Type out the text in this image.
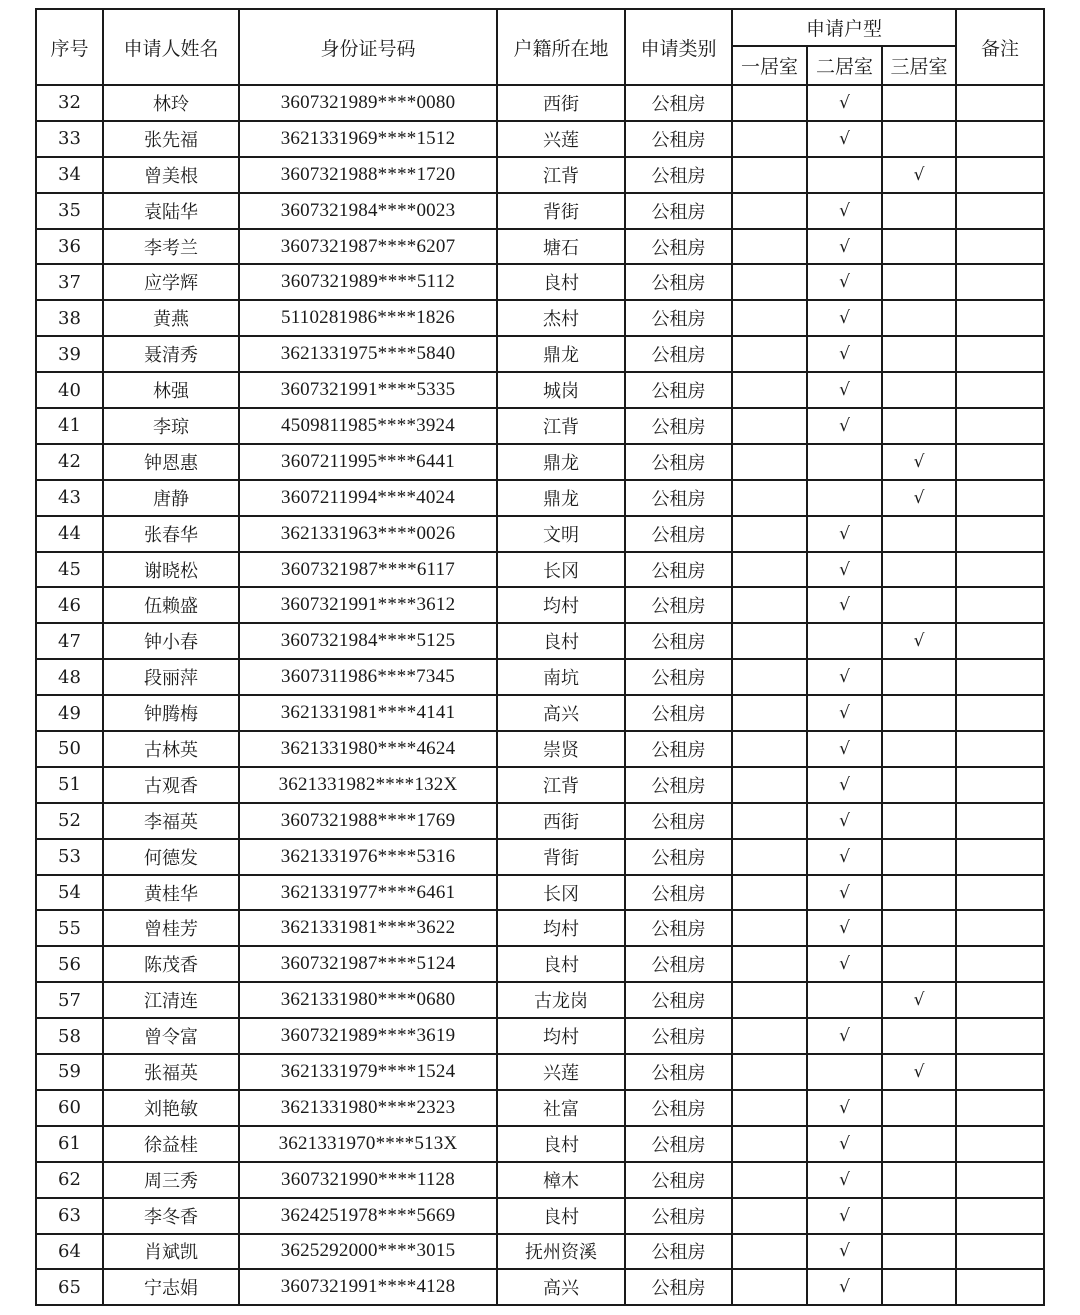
序号	申请人姓名	身份证号码	户籍所在地	申请类别	申请户型			备注
					一居室	二居室	三居室	
32	林玲	3607321989****0080	西街	公租房		√		
33	张先福	3621331969****1512	兴莲	公租房		√		
34	曾美根	3607321988****1720	江背	公租房			√	
35	袁陆华	3607321984****0023	背街	公租房		√		
36	李考兰	3607321987****6207	塘石	公租房		√		
37	应学辉	3607321989****5112	良村	公租房		√		
38	黄燕	5110281986****1826	杰村	公租房		√		
39	聂清秀	3621331975****5840	鼎龙	公租房		√		
40	林强	3607321991****5335	城岗	公租房		√		
41	李琼	4509811985****3924	江背	公租房		√		
42	钟恩惠	3607211995****6441	鼎龙	公租房			√	
43	唐静	3607211994****4024	鼎龙	公租房			√	
44	张春华	3621331963****0026	文明	公租房		√		
45	谢晓松	3607321987****6117	长冈	公租房		√		
46	伍赖盛	3607321991****3612	均村	公租房		√		
47	钟小春	3607321984****5125	良村	公租房			√	
48	段丽萍	3607311986****7345	南坑	公租房		√		
49	钟腾梅	3621331981****4141	高兴	公租房		√		
50	古林英	3621331980****4624	崇贤	公租房		√		
51	古观香	3621331982****132X	江背	公租房		√		
52	李福英	3607321988****1769	西街	公租房		√		
53	何德发	3621331976****5316	背街	公租房		√		
54	黄桂华	3621331977****6461	长冈	公租房		√		
55	曾桂芳	3621331981****3622	均村	公租房		√		
56	陈茂香	3607321987****5124	良村	公租房		√		
57	江清连	3621331980****0680	古龙岗	公租房			√	
58	曾令富	3607321989****3619	均村	公租房		√		
59	张福英	3621331979****1524	兴莲	公租房			√	
60	刘艳敏	3621331980****2323	社富	公租房		√		
61	徐益桂	3621331970****513X	良村	公租房		√		
62	周三秀	3607321990****1128	樟木	公租房		√		
63	李冬香	3624251978****5669	良村	公租房		√		
64	肖斌凯	3625292000****3015	抚州资溪	公租房		√		
65	宁志娟	3607321991****4128	高兴	公租房		√		
